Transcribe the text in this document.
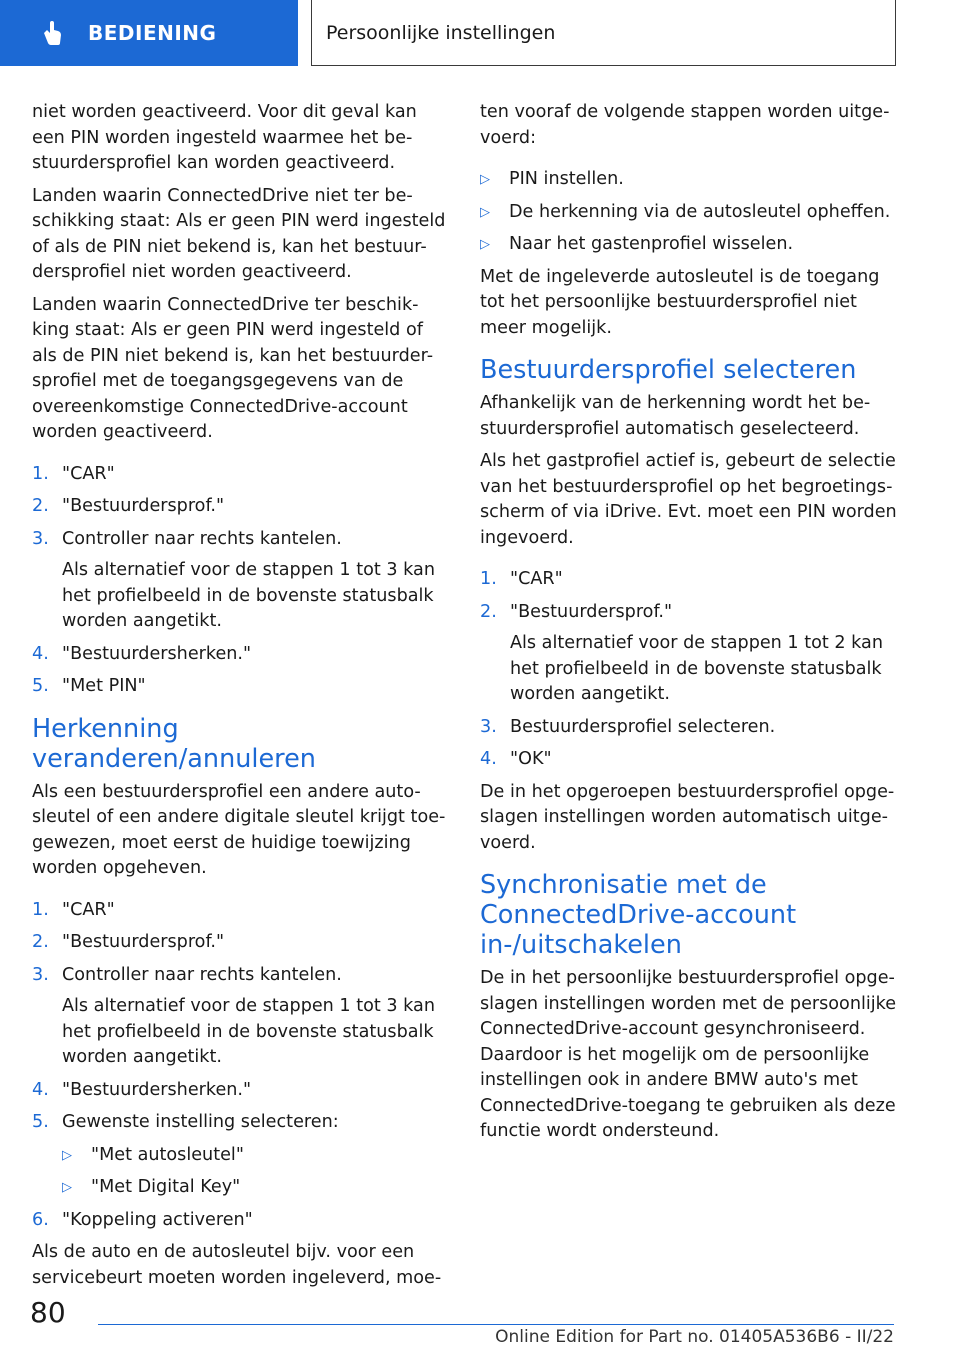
BEDIENING	Persoonlijke instellingen

niet worden geactiveerd. Voor dit geval kan een PIN worden ingesteld waarmee het be-stuurdersprofiel kan worden geactiveerd.

Landen waarin ConnectedDrive niet ter be-schikking staat: Als er geen PIN werd ingesteld of als de PIN niet bekend is, kan het bestuur-dersprofiel niet worden geactiveerd.

Landen waarin ConnectedDrive ter beschik-king staat: Als er geen PIN werd ingesteld of als de PIN niet bekend is, kan het bestuurder-sprofiel met de toegangsgegevens van de overeenkomstige ConnectedDrive-account worden geactiveerd.

1. "CAR"
2. "Bestuurdersprof."
3. Controller naar rechts kantelen.
Als alternatief voor de stappen 1 tot 3 kan het profielbeeld in de bovenste statusbalk worden aangetikt.
4. "Bestuurdersherken."
5. "Met PIN"
Herkenning veranderen/annuleren

Als een bestuurdersprofiel een andere auto-sleutel of een andere digitale sleutel krijgt toe-gewezen, moet eerst de huidige toewijzing worden opgeheven.

1. "CAR"
2. "Bestuurdersprof."
3. Controller naar rechts kantelen.
Als alternatief voor de stappen 1 tot 3 kan het profielbeeld in de bovenste statusbalk worden aangetikt.
4. "Bestuurdersherken."
5. Gewenste instelling selecteren:
▷	"Met autosleutel"
▷	"Met Digital Key"
6. "Koppeling activeren"

Als de auto en de autosleutel bijv. voor een servicebeurt moeten worden ingeleverd, moe-

ten vooraf de volgende stappen worden uitge-voerd:

▷	PIN instellen.
▷	De herkenning via de autosleutel opheffen.
▷	Naar het gastenprofiel wisselen.

Met de ingeleverde autosleutel is de toegang tot het persoonlijke bestuurdersprofiel niet meer mogelijk.

Bestuurdersprofiel selecteren

Afhankelijk van de herkenning wordt het be-stuurdersprofiel automatisch geselecteerd.

Als het gastprofiel actief is, gebeurt de selectie van het bestuurdersprofiel op het begroetings-scherm of via iDrive. Evt. moet een PIN worden ingevoerd.

1. "CAR"
2. "Bestuurdersprof."
Als alternatief voor de stappen 1 tot 2 kan het profielbeeld in de bovenste statusbalk worden aangetikt.
3. Bestuurdersprofiel selecteren.
4. "OK"

De in het opgeroepen bestuurdersprofiel opge-slagen instellingen worden automatisch uitge-voerd.

Synchronisatie met de ConnectedDrive-account in-/uitschakelen

De in het persoonlijke bestuurdersprofiel opge-slagen instellingen worden met de persoonlijke ConnectedDrive-account gesynchroniseerd. Daardoor is het mogelijk om de persoonlijke instellingen ook in andere BMW auto's met ConnectedDrive-toegang te gebruiken als deze functie wordt ondersteund.

80
Online Edition for Part no. 01405A536B6 - II/22
